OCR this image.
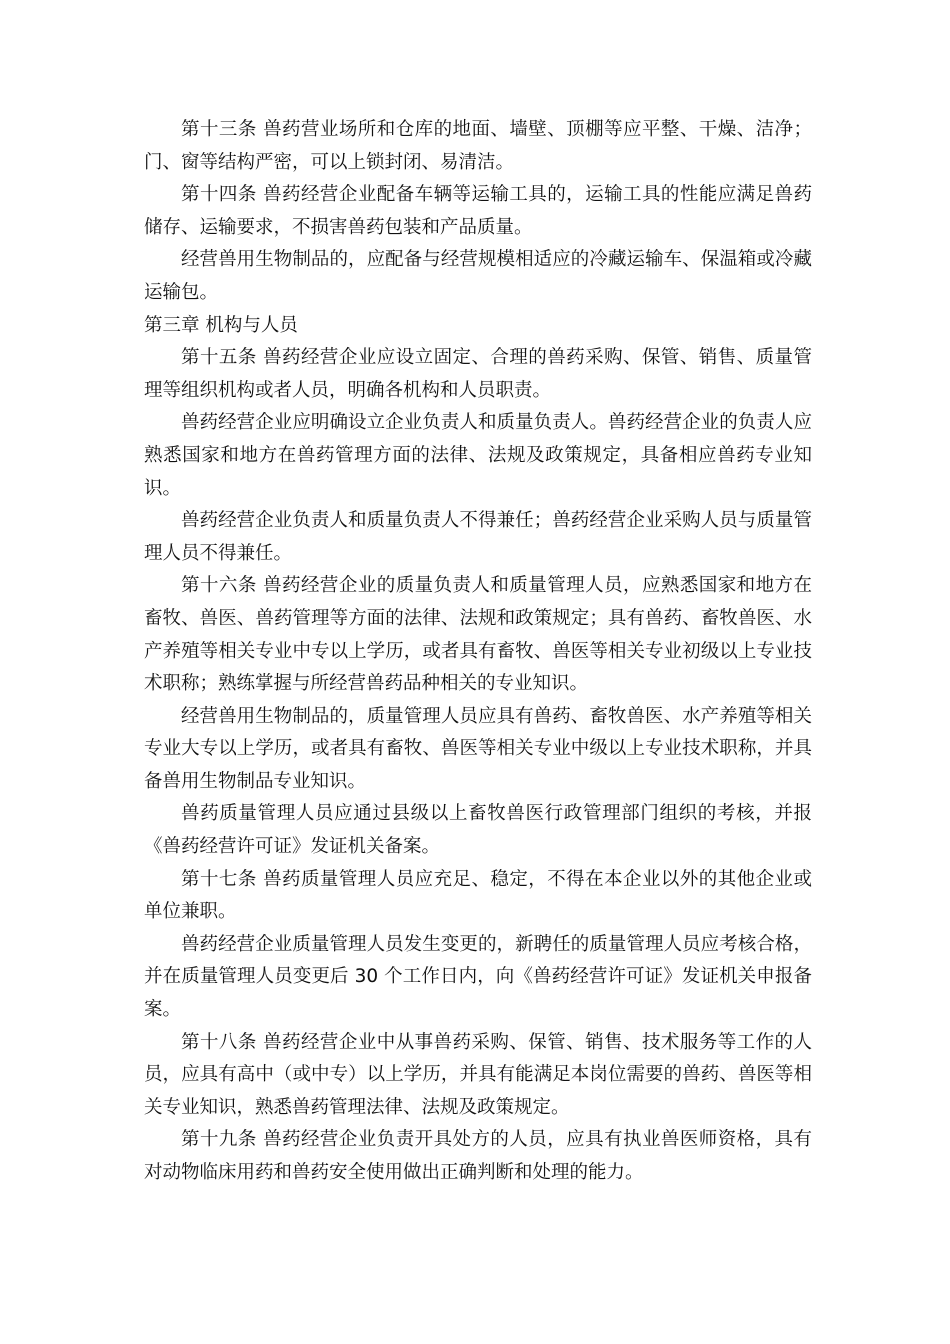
第十三条 兽药营业场所和仓库的地面、墙壁、顶棚等应平整、干燥、洁净；门、窗等结构严密，可以上锁封闭、易清洁。

第十四条 兽药经营企业配备车辆等运输工具的，运输工具的性能应满足兽药储存、运输要求，不损害兽药包装和产品质量。

经营兽用生物制品的，应配备与经营规模相适应的冷藏运输车、保温箱或冷藏运输包。

第三章 机构与人员

第十五条 兽药经营企业应设立固定、合理的兽药采购、保管、销售、质量管理等组织机构或者人员，明确各机构和人员职责。

兽药经营企业应明确设立企业负责人和质量负责人。兽药经营企业的负责人应熟悉国家和地方在兽药管理方面的法律、法规及政策规定，具备相应兽药专业知识。

兽药经营企业负责人和质量负责人不得兼任；兽药经营企业采购人员与质量管理人员不得兼任。

第十六条 兽药经营企业的质量负责人和质量管理人员，应熟悉国家和地方在畜牧、兽医、兽药管理等方面的法律、法规和政策规定；具有兽药、畜牧兽医、水产养殖等相关专业中专以上学历，或者具有畜牧、兽医等相关专业初级以上专业技术职称；熟练掌握与所经营兽药品种相关的专业知识。

经营兽用生物制品的，质量管理人员应具有兽药、畜牧兽医、水产养殖等相关专业大专以上学历，或者具有畜牧、兽医等相关专业中级以上专业技术职称，并具备兽用生物制品专业知识。

兽药质量管理人员应通过县级以上畜牧兽医行政管理部门组织的考核，并报《兽药经营许可证》发证机关备案。

第十七条 兽药质量管理人员应充足、稳定，不得在本企业以外的其他企业或单位兼职。

兽药经营企业质量管理人员发生变更的，新聘任的质量管理人员应考核合格，并在质量管理人员变更后 30 个工作日内，向《兽药经营许可证》发证机关申报备案。

第十八条 兽药经营企业中从事兽药采购、保管、销售、技术服务等工作的人员，应具有高中（或中专）以上学历，并具有能满足本岗位需要的兽药、兽医等相关专业知识，熟悉兽药管理法律、法规及政策规定。

第十九条 兽药经营企业负责开具处方的人员，应具有执业兽医师资格，具有对动物临床用药和兽药安全使用做出正确判断和处理的能力。
